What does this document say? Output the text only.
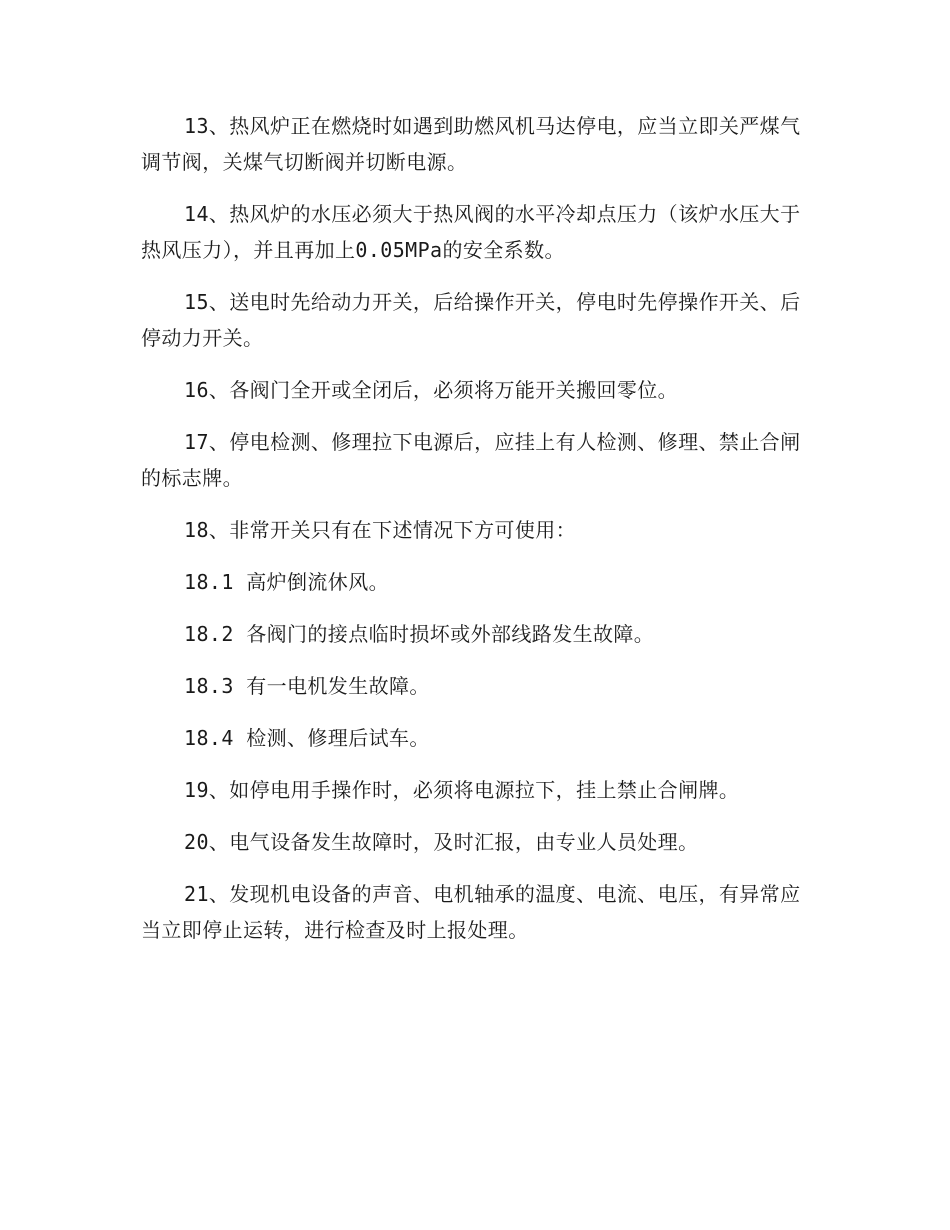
13、热风炉正在燃烧时如遇到助燃风机马达停电，应当立即关严煤气调节阀，关煤气切断阀并切断电源。

14、热风炉的水压必须大于热风阀的水平冷却点压力（该炉水压大于热风压力），并且再加上0.05MPa的安全系数。

15、送电时先给动力开关，后给操作开关，停电时先停操作开关、后停动力开关。

16、各阀门全开或全闭后，必须将万能开关搬回零位。

17、停电检测、修理拉下电源后，应挂上有人检测、修理、禁止合闸的标志牌。

18、非常开关只有在下述情况下方可使用：

18.1 高炉倒流休风。

18.2 各阀门的接点临时损坏或外部线路发生故障。

18.3 有一电机发生故障。

18.4 检测、修理后试车。

19、如停电用手操作时，必须将电源拉下，挂上禁止合闸牌。

20、电气设备发生故障时，及时汇报，由专业人员处理。

21、发现机电设备的声音、电机轴承的温度、电流、电压，有异常应当立即停止运转，进行检查及时上报处理。
